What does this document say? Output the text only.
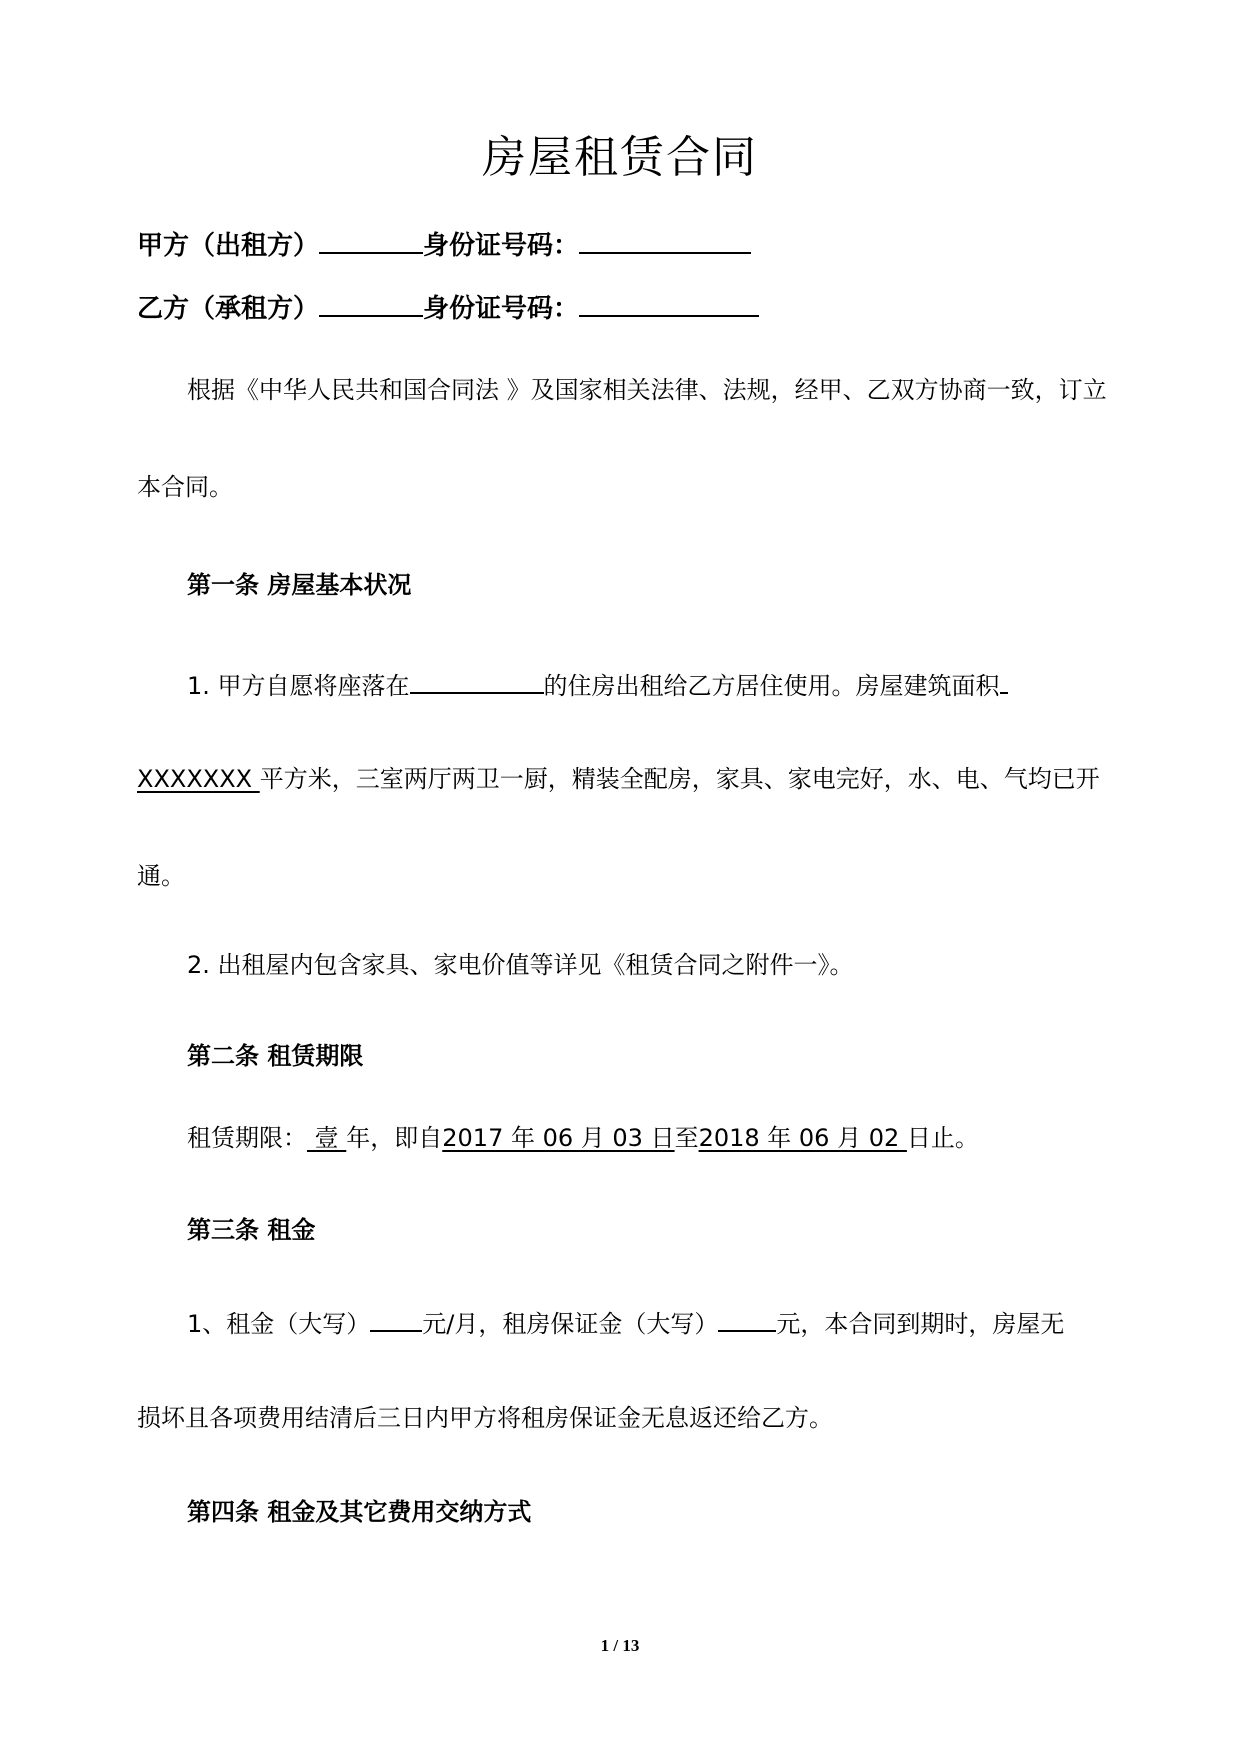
房屋租赁合同
甲方（出租方）	身份证号码：
乙方（承租方）	身份证号码：
根据《中华人民共和国合同法 》及国家相关法律、法规，经甲、乙双方协商一致，订立
本合同。
第一条 房屋基本状况
1. 甲方自愿将座落在	的住房出租给乙方居住使用。房屋建筑面积
XXXXXXX 平方米，三室两厅两卫一厨，精装全配房，家具、家电完好，水、电、气均已开
通。
2. 出租屋内包含家具、家电价值等详见《租赁合同之附件一》。
第二条 租赁期限
租赁期限： 壹 年，即自2017 年 06 月 03 日至2018 年 06 月 02 日止。
第三条 租金
1、租金（大写） 元/月，租房保证金（大写） 元，本合同到期时，房屋无
损坏且各项费用结清后三日内甲方将租房保证金无息返还给乙方。
第四条 租金及其它费用交纳方式
1 / 13
